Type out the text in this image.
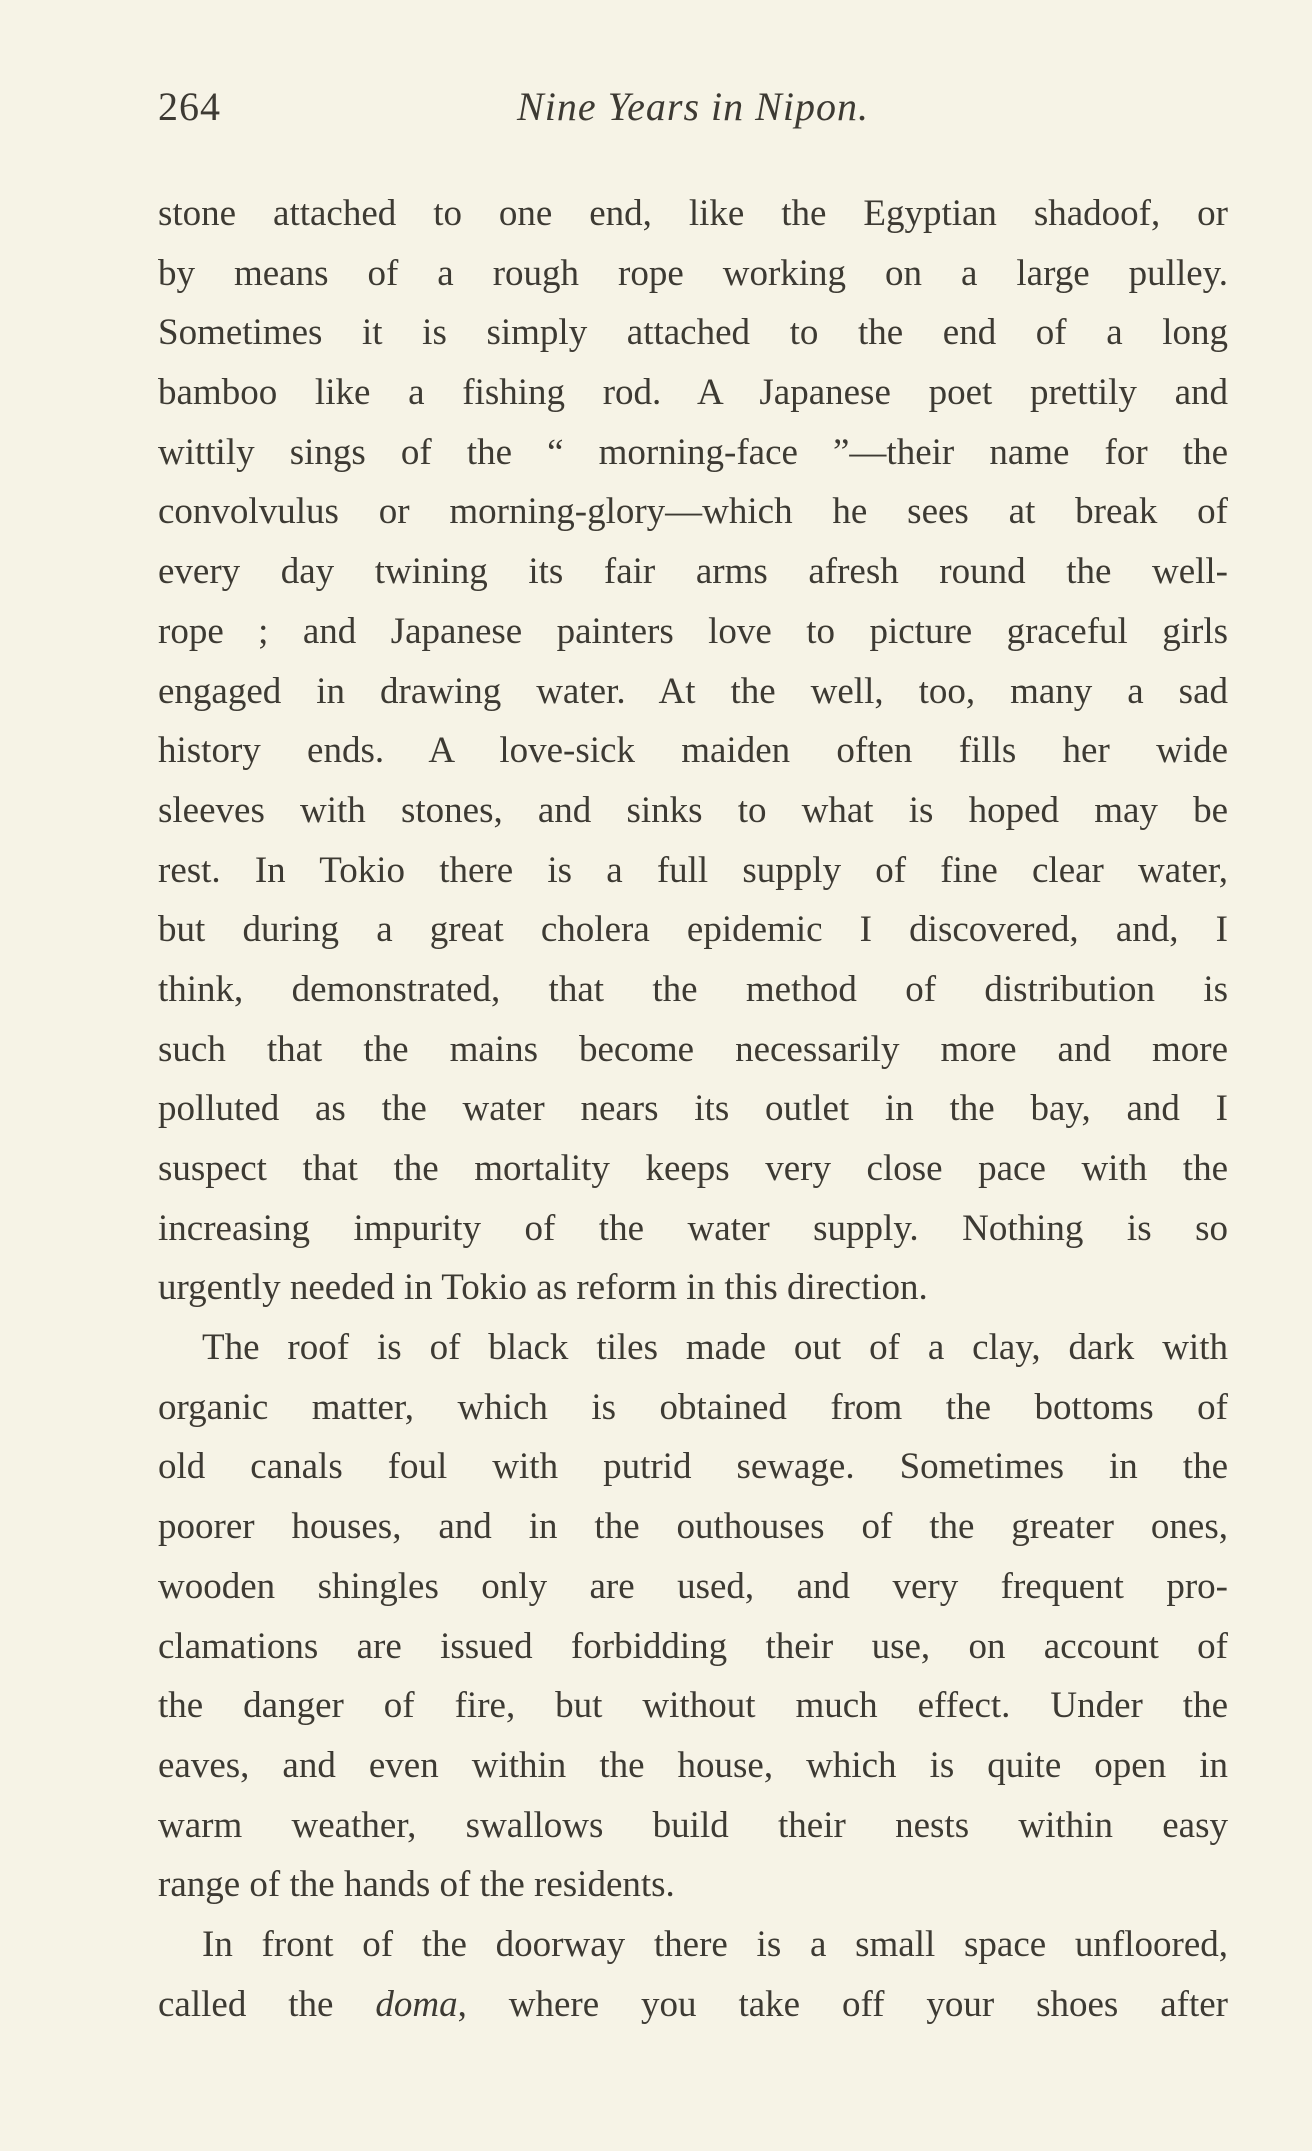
264	Nine Years in Nipon.
stone attached to one end, like the Egyptian shadoof, or
by means of a rough rope working on a large pulley.
Sometimes it is simply attached to the end of a long
bamboo like a fishing rod. A Japanese poet prettily and
wittily sings of the “ morning-face ”—their name for the
convolvulus or morning-glory—which he sees at break of
every day twining its fair arms afresh round the well-
rope ; and Japanese painters love to picture graceful girls
engaged in drawing water. At the well, too, many a sad
history ends. A love-sick maiden often fills her wide
sleeves with stones, and sinks to what is hoped may be
rest. In Tokio there is a full supply of fine clear water,
but during a great cholera epidemic I discovered, and, I
think, demonstrated, that the method of distribution is
such that the mains become necessarily more and more
polluted as the water nears its outlet in the bay, and I
suspect that the mortality keeps very close pace with the
increasing impurity of the water supply. Nothing is so
urgently needed in Tokio as reform in this direction.
The roof is of black tiles made out of a clay, dark with
organic matter, which is obtained from the bottoms of
old canals foul with putrid sewage. Sometimes in the
poorer houses, and in the outhouses of the greater ones,
wooden shingles only are used, and very frequent pro-
clamations are issued forbidding their use, on account of
the danger of fire, but without much effect. Under the
eaves, and even within the house, which is quite open in
warm weather, swallows build their nests within easy
range of the hands of the residents.
In front of the doorway there is a small space unfloored,
called the doma, where you take off your shoes after
